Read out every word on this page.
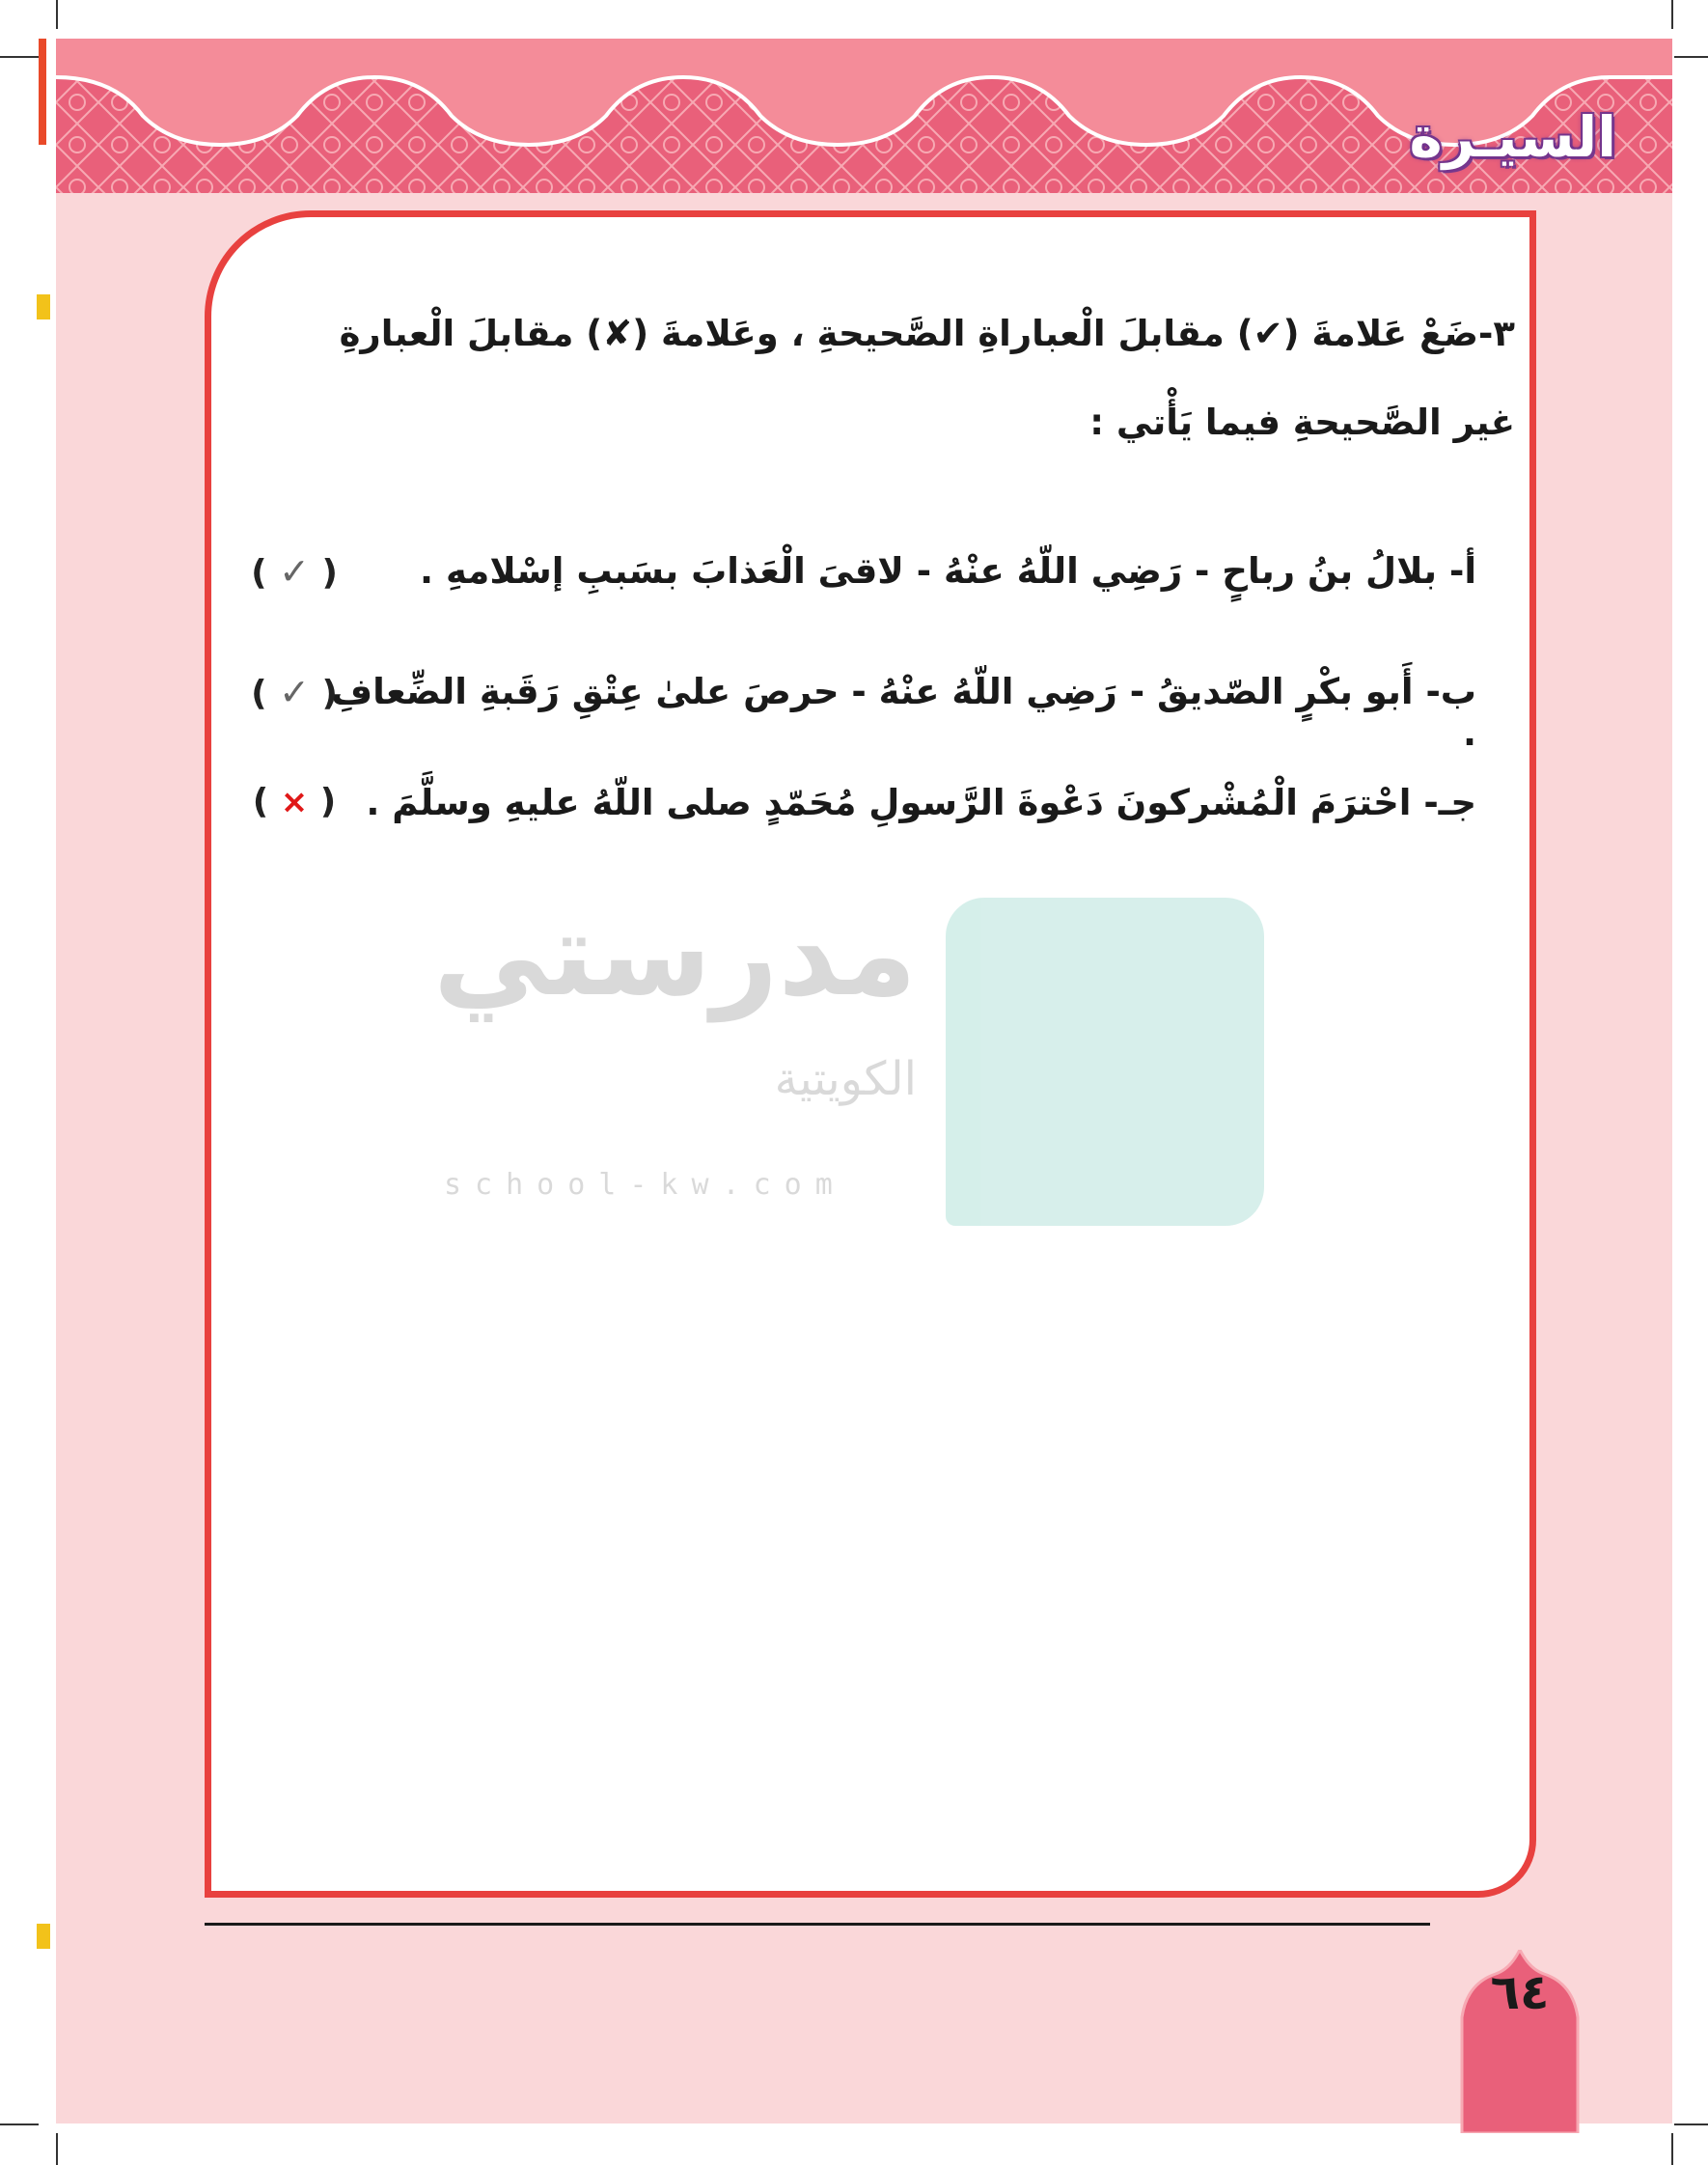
السيـرة
مدرستي
الكويتية
school-kw.com
٣-ضَعْ عَلامةَ (✔) مقابلَ الْعباراةِ الصَّحيحةِ ، وعَلامةَ (✘) مقابلَ الْعبارةِ
غير الصَّحيحةِ فيما يَأْتي :
أ- بلالُ بنُ رباحٍ - رَضِي اللّهُ عنْهُ - لاقىَ الْعَذابَ بسَببِ إسْلامهِ .
( ✓ )
ب- أَبو بكْرٍ الصّديقُ - رَضِي اللّهُ عنْهُ - حرصَ علىٰ عِتْقِ رَقَبةِ الضِّعافِ .
( ✓ )
جـ- احْترَمَ الْمُشْركونَ دَعْوةَ الرَّسولِ مُحَمّدٍ صلى اللّهُ عليهِ وسلَّمَ .
( × )
٦٤
